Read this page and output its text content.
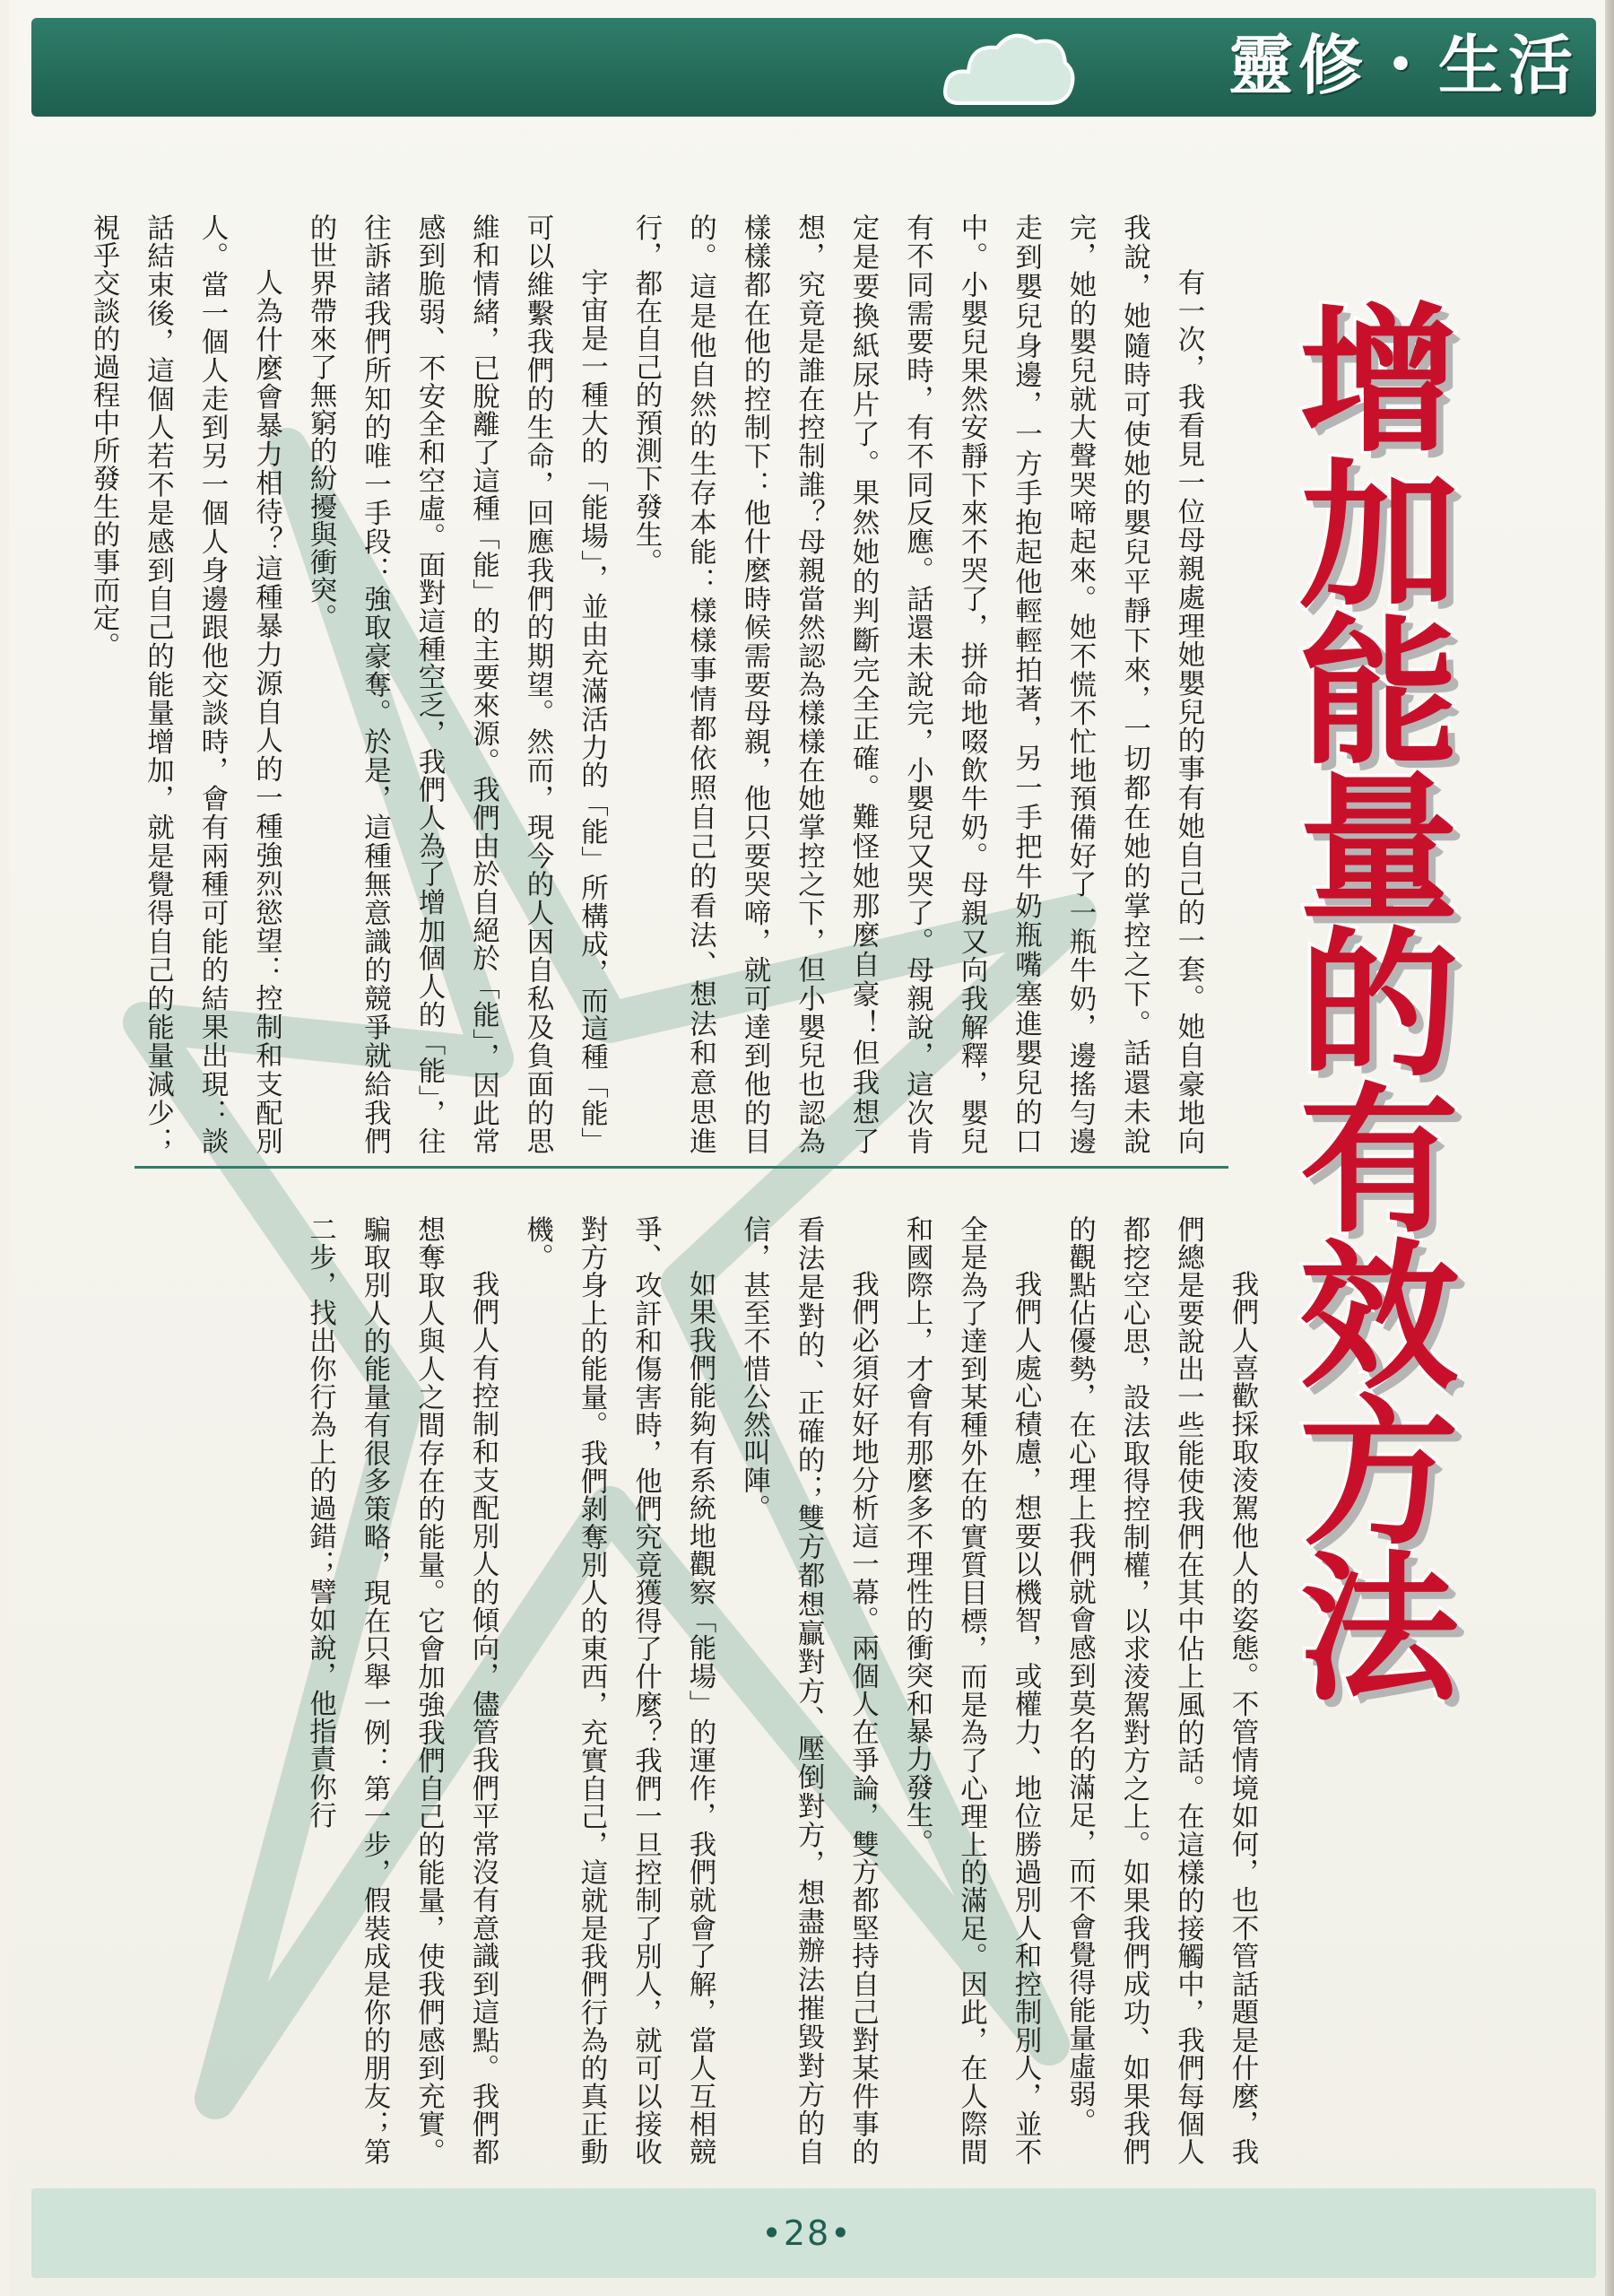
靈修・生活
增加能量的有效方法

有一次，我看見一位母親處理她嬰兒的事有她自己的一套。她自豪地向我說，她隨時可使她的嬰兒平靜下來，一切都在她的掌控之下。話還未說完，她的嬰兒就大聲哭啼起來。她不慌不忙地預備好了一瓶牛奶，邊搖勻邊走到嬰兒身邊，一方手抱起他輕輕拍著，另一手把牛奶瓶嘴塞進嬰兒的口中。小嬰兒果然安靜下來不哭了，拼命地啜飲牛奶。母親又向我解釋，嬰兒有不同需要時，有不同反應。話還未說完，小嬰兒又哭了。母親說，這次肯定是要換紙尿片了。果然她的判斷完全正確。難怪她那麼自豪！但我想了想，究竟是誰在控制誰？母親當然認為樣樣在她掌控之下，但小嬰兒也認為樣樣都在他的控制下：他什麼時候需要母親，他只要哭啼，就可達到他的目的。這是他自然的生存本能：樣樣事情都依照自己的看法、想法和意思進行，都在自己的預測下發生。

宇宙是一種大的「能場」，並由充滿活力的「能」所構成，而這種「能」可以維繫我們的生命，回應我們的期望。然而，現今的人因自私及負面的思維和情緒，已脫離了這種「能」的主要來源。我們由於自絕於「能」，因此常感到脆弱、不安全和空虛。面對這種空乏，我們人為了增加個人的「能」，往往訴諸我們所知的唯一手段：強取豪奪。於是，這種無意識的競爭就給我們的世界帶來了無窮的紛擾與衝突。

人為什麼會暴力相待？這種暴力源自人的一種強烈慾望：控制和支配別人。當一個人走到另一個人身邊跟他交談時，會有兩種可能的結果出現：談話結束後，這個人若不是感到自己的能量增加，就是覺得自己的能量減少；視乎交談的過程中所發生的事而定。

我們人喜歡採取淩駕他人的姿態。不管情境如何，也不管話題是什麼，我們總是要說出一些能使我們在其中佔上風的話。在這樣的接觸中，我們每個人都挖空心思，設法取得控制權，以求淩駕對方之上。如果我們成功、如果我們的觀點佔優勢，在心理上我們就會感到莫名的滿足，而不會覺得能量虛弱。

我們人處心積慮，想要以機智，或權力、地位勝過別人和控制別人，並不全是為了達到某種外在的實質目標，而是為了心理上的滿足。因此，在人際間和國際上，才會有那麼多不理性的衝突和暴力發生。

我們必須好好地分析這一幕。兩個人在爭論，雙方都堅持自己對某件事的看法是對的、正確的；雙方都想贏對方、壓倒對方，想盡辦法摧毀對方的自信，甚至不惜公然叫陣。

如果我們能夠有系統地觀察「能場」的運作，我們就會了解，當人互相競爭、攻訐和傷害時，他們究竟獲得了什麼？我們一旦控制了別人，就可以接收對方身上的能量。我們剝奪別人的東西，充實自己，這就是我們行為的真正動機。

我們人有控制和支配別人的傾向，儘管我們平常沒有意識到這點。我們都想奪取人與人之間存在的能量。它會加強我們自己的能量，使我們感到充實。騙取別人的能量有很多策略，現在只舉一例：第一步，假裝成是你的朋友；第二步，找出你行為上的過錯；譬如說，他指責你行

•28•
